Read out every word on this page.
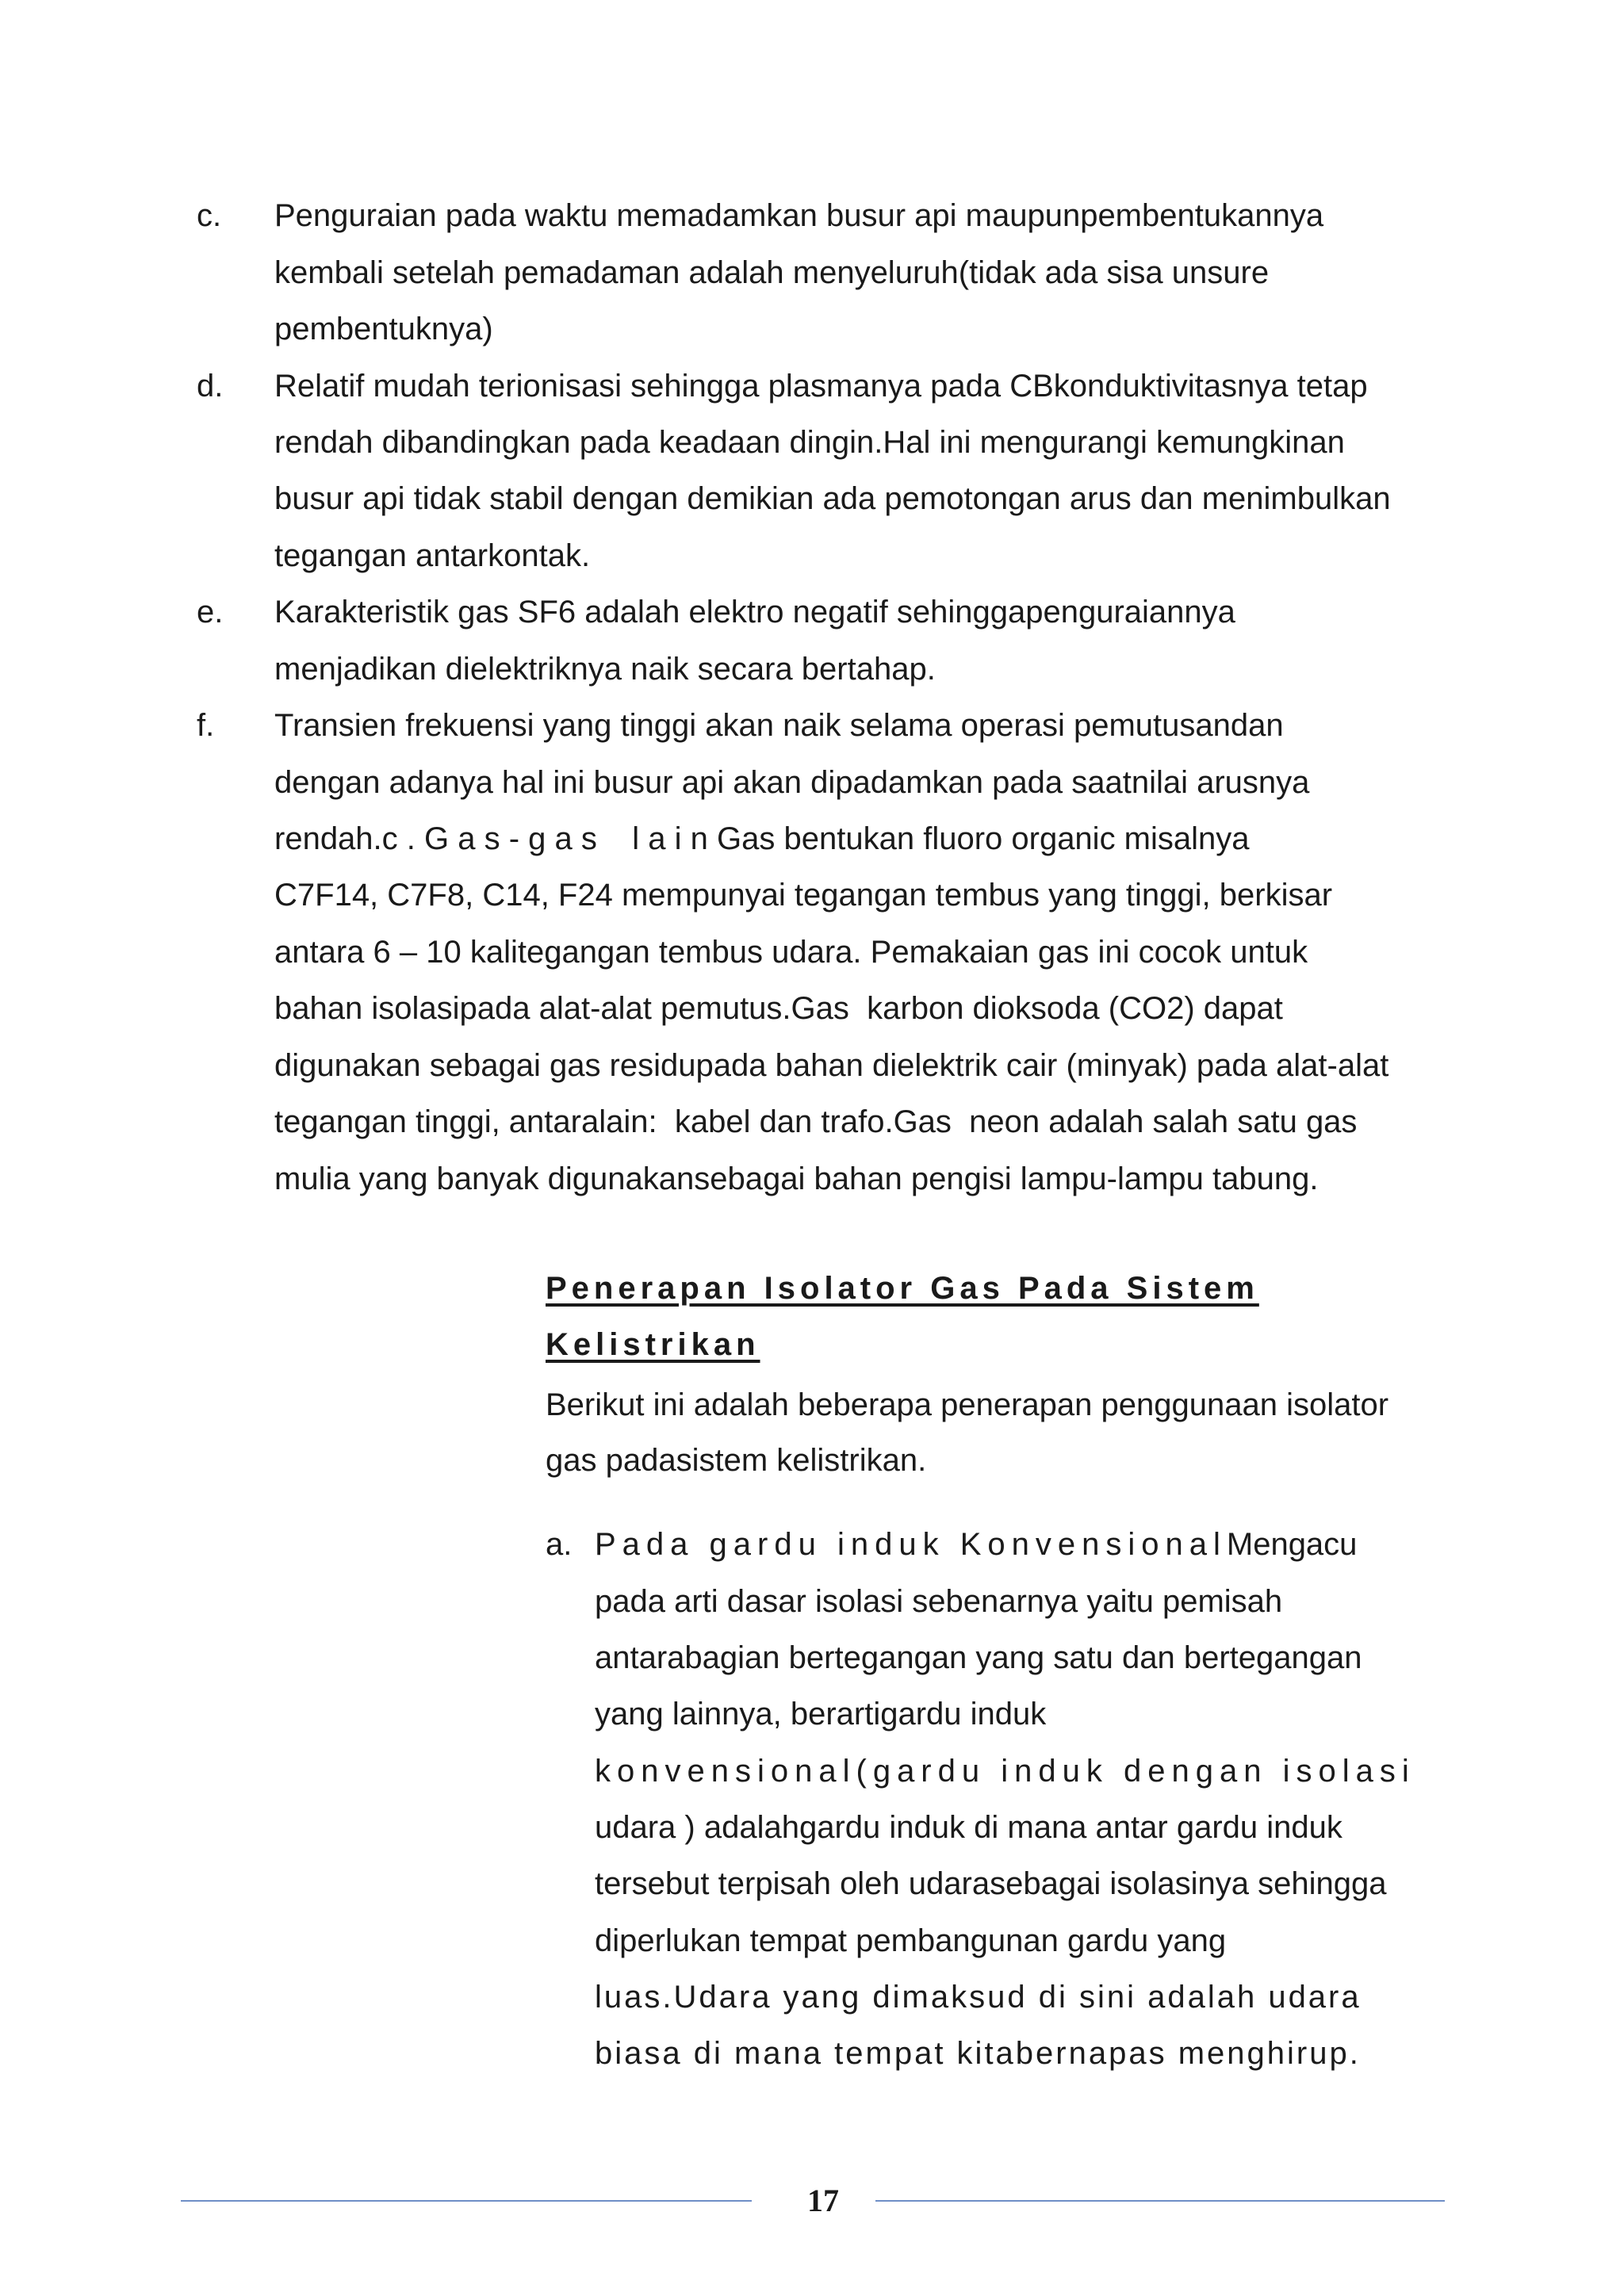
c. Penguraian pada waktu memadamkan busur api maupunpembentukannya
kembali setelah pemadaman adalah menyeluruh(tidak ada sisa unsure
pembentuknya)
d. Relatif mudah terionisasi sehingga plasmanya pada CBkonduktivitasnya tetap
rendah dibandingkan pada keadaan dingin.Hal ini mengurangi kemungkinan
busur api tidak stabil dengan demikian ada pemotongan arus dan menimbulkan
tegangan antarkontak.
e. Karakteristik gas SF6 adalah elektro negatif sehinggapenguraiannya
menjadikan dielektriknya naik secara bertahap.
f. Transien frekuensi yang tinggi akan naik selama operasi pemutusandan
dengan adanya hal ini busur api akan dipadamkan pada saatnilai arusnya
rendah.c . G a s - g a s    l a i n Gas bentukan fluoro organic misalnya
C7F14, C7F8, C14, F24 mempunyai tegangan tembus yang tinggi, berkisar
antara 6 – 10 kalitegangan tembus udara. Pemakaian gas ini cocok untuk
bahan isolasipada alat-alat pemutus.Gas  karbon dioksoda (CO2) dapat
digunakan sebagai gas residupada bahan dielektrik cair (minyak) pada alat-alat
tegangan tinggi, antaralain:  kabel dan trafo.Gas  neon adalah salah satu gas
mulia yang banyak digunakansebagai bahan pengisi lampu-lampu tabung.
Penerapan Isolator Gas Pada Sistem
Kelistrikan
Berikut ini adalah beberapa penerapan penggunaan isolator
gas padasistem kelistrikan.
a. Pada gardu induk KonvensionalMengacu
pada arti dasar isolasi sebenarnya yaitu pemisah
antarabagian bertegangan yang satu dan bertegangan
yang lainnya, berartigardu induk
konvensional(gardu induk dengan isolasi
udara ) adalahgardu induk di mana antar gardu induk
tersebut terpisah oleh udarasebagai isolasinya sehingga
diperlukan tempat pembangunan gardu yang
luas.Udara yang dimaksud di sini adalah udara
biasa di mana tempat kitabernapas menghirup.
17
